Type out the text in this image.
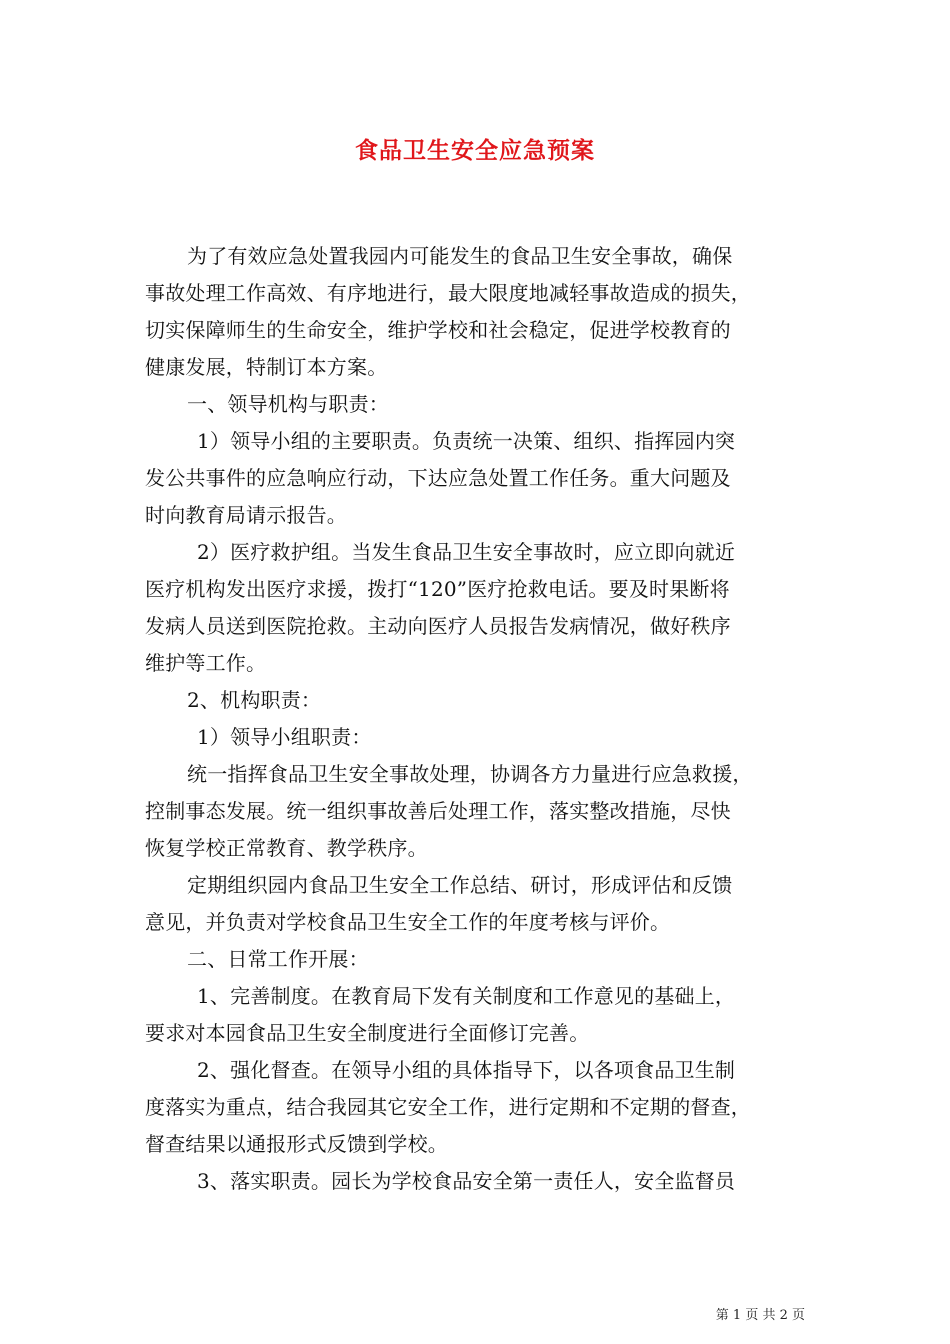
食品卫生安全应急预案
为了有效应急处置我园内可能发生的食品卫生安全事故，确保
事故处理工作高效、有序地进行，最大限度地减轻事故造成的损失，
切实保障师生的生命安全，维护学校和社会稳定，促进学校教育的
健康发展，特制订本方案。
一、领导机构与职责：
1）领导小组的主要职责。负责统一决策、组织、指挥园内突
发公共事件的应急响应行动，下达应急处置工作任务。重大问题及
时向教育局请示报告。
2）医疗救护组。当发生食品卫生安全事故时，应立即向就近
医疗机构发出医疗求援，拨打“120”医疗抢救电话。要及时果断将
发病人员送到医院抢救。主动向医疗人员报告发病情况，做好秩序
维护等工作。
2、机构职责：
1）领导小组职责：
统一指挥食品卫生安全事故处理，协调各方力量进行应急救援，
控制事态发展。统一组织事故善后处理工作，落实整改措施，尽快
恢复学校正常教育、教学秩序。
定期组织园内食品卫生安全工作总结、研讨，形成评估和反馈
意见，并负责对学校食品卫生安全工作的年度考核与评价。
二、日常工作开展：
1、完善制度。在教育局下发有关制度和工作意见的基础上，
要求对本园食品卫生安全制度进行全面修订完善。
2、强化督查。在领导小组的具体指导下，以各项食品卫生制
度落实为重点，结合我园其它安全工作，进行定期和不定期的督查，
督查结果以通报形式反馈到学校。
3、落实职责。园长为学校食品安全第一责任人，安全监督员
第 1 页 共 2 页
